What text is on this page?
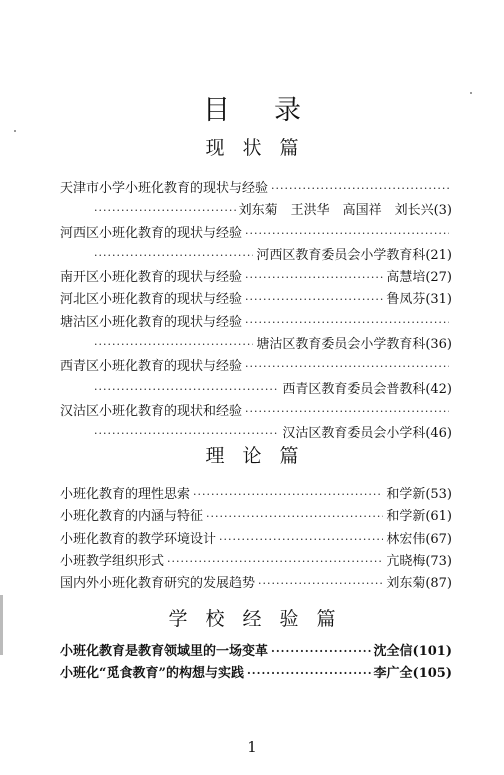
目录
现状篇
天津市小学小班化教育的现状与经验
·····
·····
刘东菊　王洪华　高国祥　刘长兴(3)
河西区小班化教育的现状与经验
·····
·····
河西区教育委员会小学教育科(21)
南开区小班化教育的现状与经验 ·····	高慧培(27)
河北区小班化教育的现状与经验 ·····	鲁凤芬(31)
塘沽区小班化教育的现状与经验
·····
·····
塘沽区教育委员会小学教育科(36)
西青区小班化教育的现状与经验
·····
·····
西青区教育委员会普教科(42)
汉沽区小班化教育的现状和经验
·····
·····
汉沽区教育委员会小学科(46)
理论篇
小班化教育的理性思索 ·····	和学新(53)
小班化教育的内涵与特征 ·····	和学新(61)
小班化教育的教学环境设计 ·····	林宏伟(67)
小班教学组织形式 ·····	亢晓梅(73)
国内外小班化教育研究的发展趋势 ·····	刘东菊(87)
学校经验篇
小班化教育是教育领域里的一场变革 ·····	沈全信(101)
小班化“觅食教育”的构想与实践 ·····	李广全(105)
1
